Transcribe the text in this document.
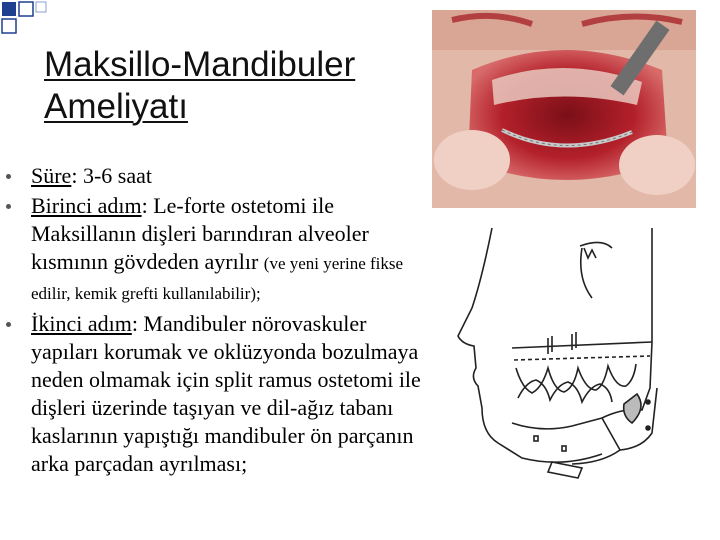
Maksillo-Mandibuler
Ameliyatı
Süre: 3-6 saat
Birinci adım: Le-forte ostetomi ile Maksillanın dişleri barındıran alveoler kısmının gövdeden ayrılır (ve yeni yerine fikse edilir, kemik grefti kullanılabilir);
İkinci adım: Mandibuler nörovaskuler yapıları korumak ve oklüzyonda bozulmaya neden olmamak için split ramus ostetomi ile dişleri üzerinde taşıyan ve dil-ağız tabanı kaslarının yapıştığı mandibuler ön parçanın arka parçadan ayrılması;
